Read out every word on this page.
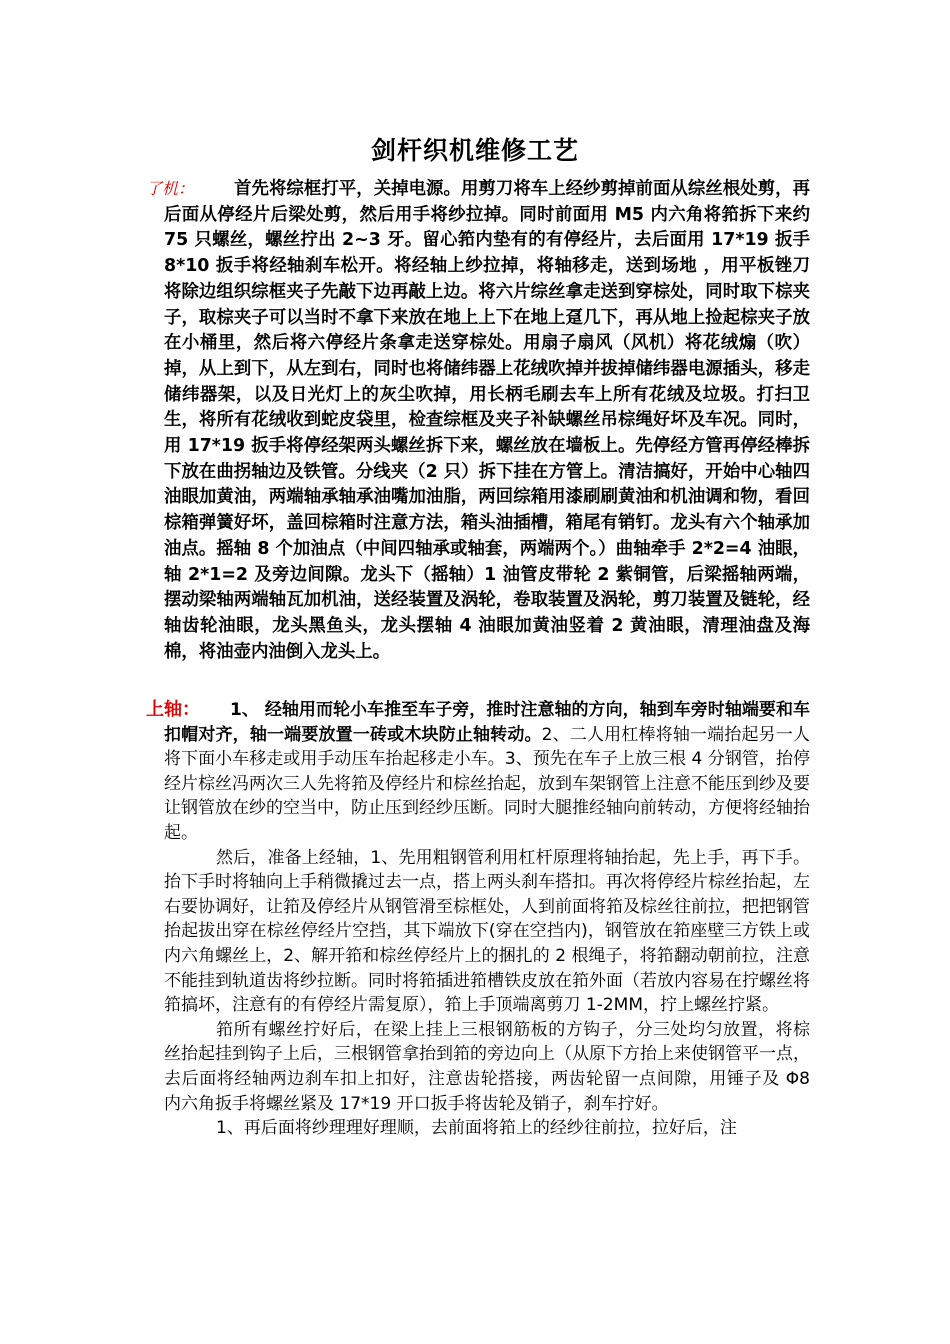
剑杆织机维修工艺

了机： 首先将综框打平，关掉电源。用剪刀将车上经纱剪掉前面从综丝根处剪，再后面从停经片后梁处剪，然后用手将纱拉掉。同时前面用 M5 内六角将筘拆下来约 75 只螺丝，螺丝拧出 2~3 牙。留心筘内垫有的有停经片，去后面用 17*19 扳手 8*10 扳手将经轴刹车松开。将经轴上纱拉掉，将轴移走，送到场地 ，用平板锉刀将除边组织综框夹子先敲下边再敲上边。将六片综丝拿走送到穿棕处，同时取下棕夹子，取棕夹子可以当时不拿下来放在地上上下在地上趸几下，再从地上捡起棕夹子放在小桶里，然后将六停经片条拿走送穿棕处。用扇子扇风（风机）将花绒煽（吹）掉，从上到下，从左到右，同时也将储纬器上花绒吹掉并拔掉储纬器电源插头，移走储纬器架，以及日光灯上的灰尘吹掉，用长柄毛刷去车上所有花绒及垃圾。打扫卫生，将所有花绒收到蛇皮袋里，检查综框及夹子补缺螺丝吊棕绳好坏及车况。同时，用 17*19 扳手将停经架两头螺丝拆下来，螺丝放在墙板上。先停经方管再停经棒拆下放在曲拐轴边及铁管。分线夹（2 只）拆下挂在方管上。清洁搞好，开始中心轴四油眼加黄油，两端轴承轴承油嘴加油脂，两回综箱用漆刷刷黄油和机油调和物，看回棕箱弹簧好坏，盖回棕箱时注意方法，箱头油插槽，箱尾有销钉。龙头有六个轴承加油点。摇轴 8 个加油点（中间四轴承或轴套，两端两个。）曲轴牵手 2*2=4 油眼，轴 2*1=2 及旁边间隙。龙头下（摇轴）1 油管皮带轮 2 紫铜管，后梁摇轴两端，摆动梁轴两端轴瓦加机油，送经装置及涡轮，卷取装置及涡轮，剪刀装置及链轮，经轴齿轮油眼，龙头黑鱼头，龙头摆轴 4 油眼加黄油竖着 2 黄油眼，清理油盘及海棉，将油壶内油倒入龙头上。

上轴： 1、 经轴用而轮小车推至车子旁，推时注意轴的方向，轴到车旁时轴端要和车扣帽对齐，轴一端要放置一砖或木块防止轴转动。2、二人用杠棒将轴一端抬起另一人将下面小车移走或用手动压车抬起移走小车。3、预先在车子上放三根 4 分钢管，抬停经片棕丝冯两次三人先将筘及停经片和棕丝抬起，放到车架钢管上注意不能压到纱及要让钢管放在纱的空当中，防止压到经纱压断。同时大腿推经轴向前转动，方便将经轴抬起。

然后，准备上经轴，1、先用粗钢管利用杠杆原理将轴抬起，先上手，再下手。抬下手时将轴向上手稍微撬过去一点，搭上两头刹车搭扣。再次将停经片棕丝抬起，左右要协调好，让筘及停经片从钢管滑至棕框处，人到前面将筘及棕丝往前拉，把把钢管抬起拔出穿在棕丝停经片空挡，其下端放下(穿在空挡内)，钢管放在筘座壁三方铁上或内六角螺丝上，2、解开筘和棕丝停经片上的捆扎的 2 根绳子，将筘翻动朝前拉，注意不能挂到轨道齿将纱拉断。同时将筘插进筘槽铁皮放在筘外面（若放内容易在拧螺丝将筘搞坏，注意有的有停经片需复原），筘上手顶端离剪刀 1-2MM，拧上螺丝拧紧。

筘所有螺丝拧好后，在梁上挂上三根钢筋板的方钩子，分三处均匀放置，将棕丝抬起挂到钩子上后，三根钢管拿抬到筘的旁边向上（从原下方抬上来使钢管平一点，去后面将经轴两边刹车扣上扣好，注意齿轮搭接，两齿轮留一点间隙，用锤子及 Φ8 内六角扳手将螺丝紧及 17*19 开口扳手将齿轮及销子，刹车拧好。

1、再后面将纱理理好理顺，去前面将筘上的经纱往前拉，拉好后，注
